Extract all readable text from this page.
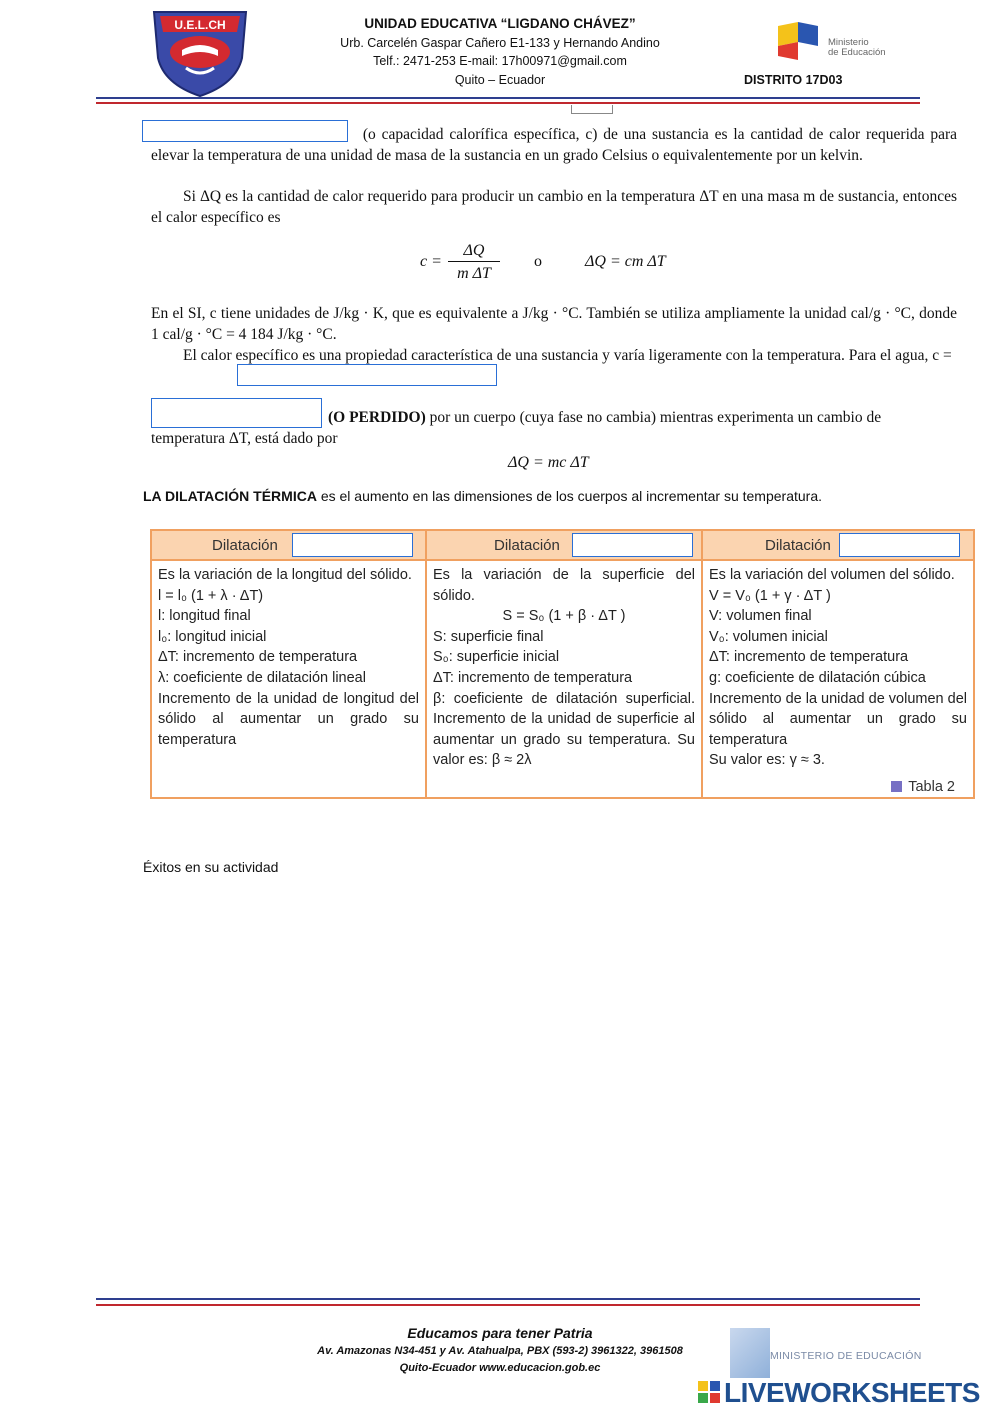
U.E.L.CH	UNIDAD EDUCATIVA “LIGDANO CHÁVEZ”
Urb. Carcelén Gaspar Cañero E1-133 y Hernando Andino
Telf.: 2471-253 E-mail: 17h00971@gmail.com
Quito – Ecuador
Ministerio
de Educación
DISTRITO 17D03
(o capacidad calorífica específica, c) de una sustancia es la cantidad de calor requerida para elevar la temperatura de una unidad de masa de la sustancia en un grado Celsius o equivalentemente por un kelvin.
Si ΔQ es la cantidad de calor requerido para producir un cambio en la temperatura ΔT en una masa m de sustancia, entonces el calor específico es
c =
ΔQ
m ΔT
o	ΔQ = cm ΔT
En el SI, c tiene unidades de J/kg · K, que es equivalente a J/kg · °C. También se utiliza ampliamente la unidad cal/g · °C, donde 1 cal/g · °C = 4 184 J/kg · °C.
El calor específico es una propiedad característica de una sustancia y varía ligeramente con la temperatura. Para el agua, c =
(O PERDIDO) por un cuerpo (cuya fase no cambia) mientras experimenta un cambio de
temperatura ΔT, está dado por
ΔQ = mc ΔT
LA DILATACIÓN TÉRMICA es el aumento en las dimensiones de los cuerpos al incrementar su temperatura.
Dilatación
Es la variación de la longitud del sólido.
l = l₀ (1 + λ · ΔT)
l: longitud final
l₀: longitud inicial
ΔT: incremento de temperatura
λ: coeficiente de dilatación lineal
Incremento de la unidad de longitud del sólido al aumentar un grado su temperatura
Dilatación
Es la variación de la superficie del sólido.
S = S₀ (1 + β · ΔT )
S: superficie final
S₀: superficie inicial
ΔT: incremento de temperatura
β: coeficiente de dilatación superficial. Incremento de la unidad de superficie al aumentar un grado su temperatura. Su valor es: β ≈ 2λ
Dilatación
Es la variación del volumen del sólido.
V = V₀ (1 + γ · ΔT )
V: volumen final
V₀: volumen inicial
ΔT: incremento de temperatura
g: coeficiente de dilatación cúbica
Incremento de la unidad de volumen del sólido al aumentar un grado su temperatura
Su valor es: γ ≈ 3.
Tabla 2
Éxitos en su actividad
Educamos para tener Patria
Av. Amazonas N34-451 y Av. Atahualpa, PBX (593-2) 3961322, 3961508
Quito-Ecuador www.educacion.gob.ec
MINISTERIO DE EDUCACIÓN
LIVEWORKSHEETS
